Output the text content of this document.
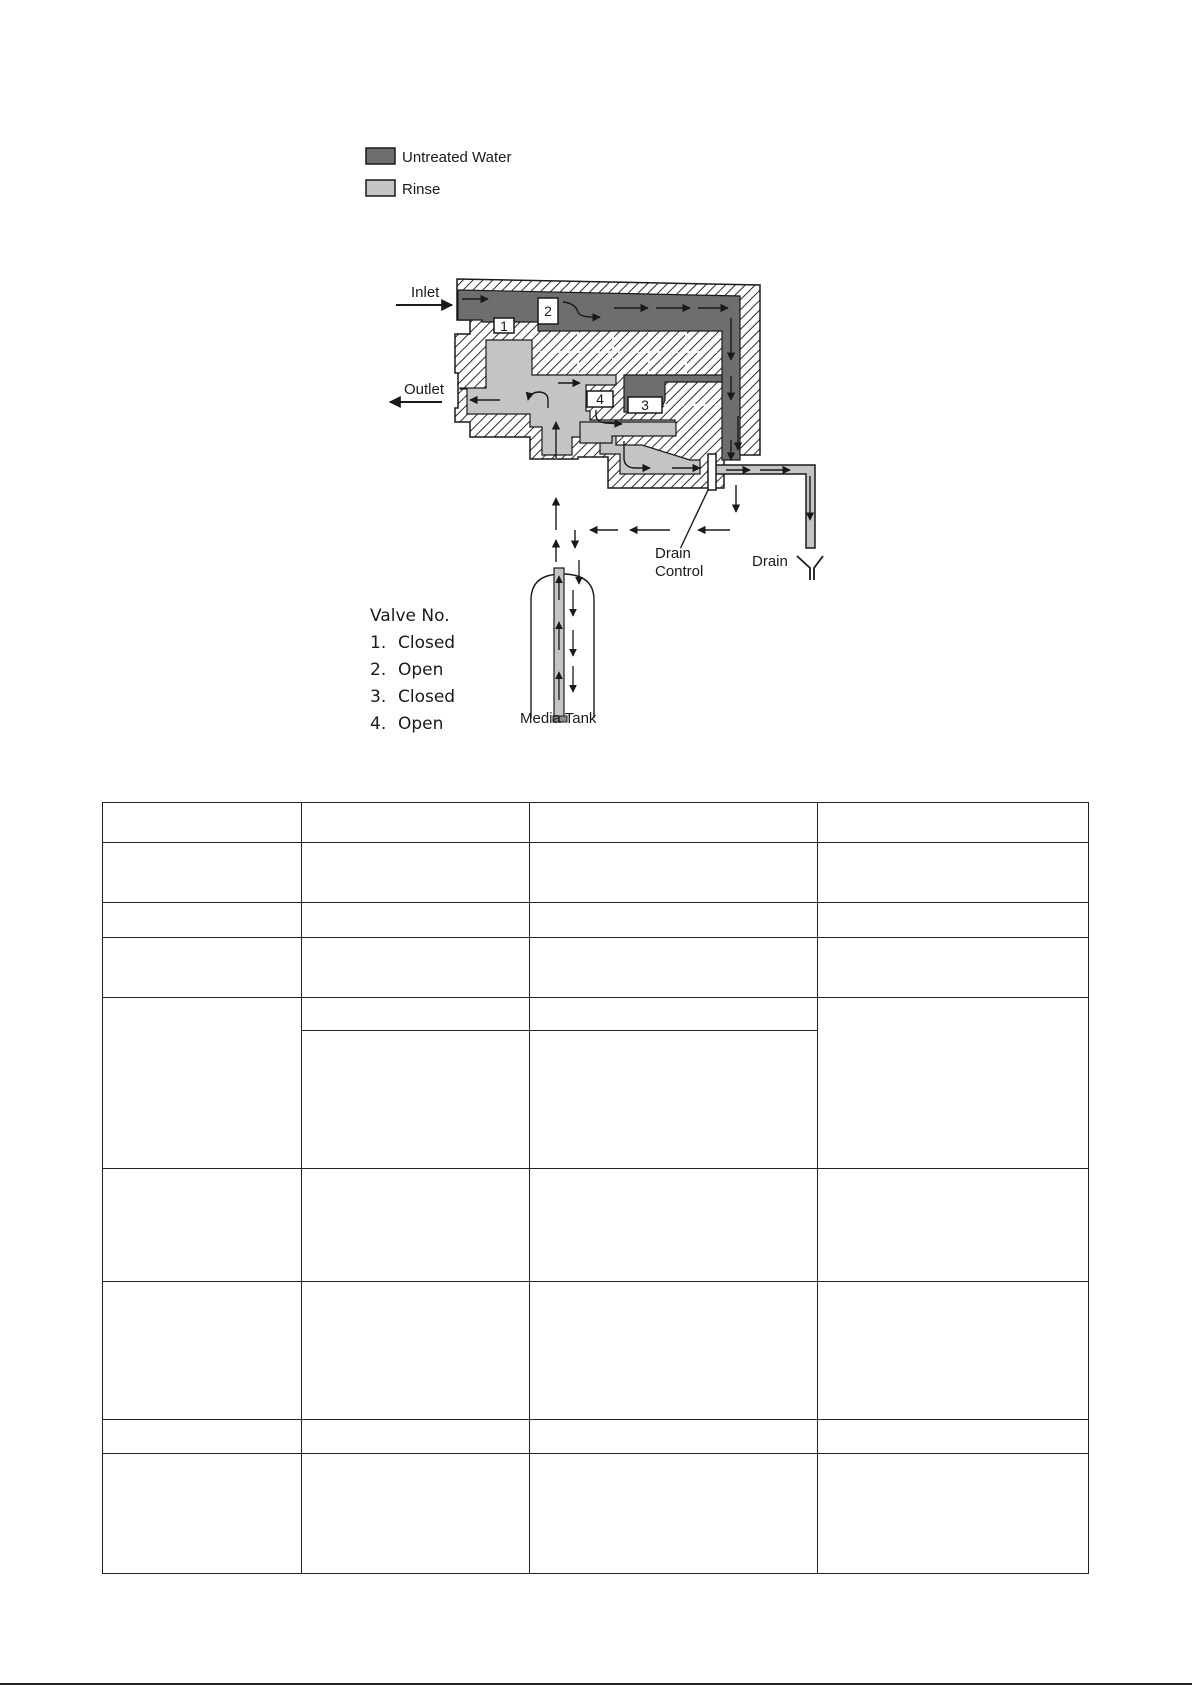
Untreated Water
Rinse
1
2
3
4
Inlet
Outlet
Drain
Control
Drain
Media Tank
Valve No.
1. Closed
2. Open
3. Closed
4. Open
